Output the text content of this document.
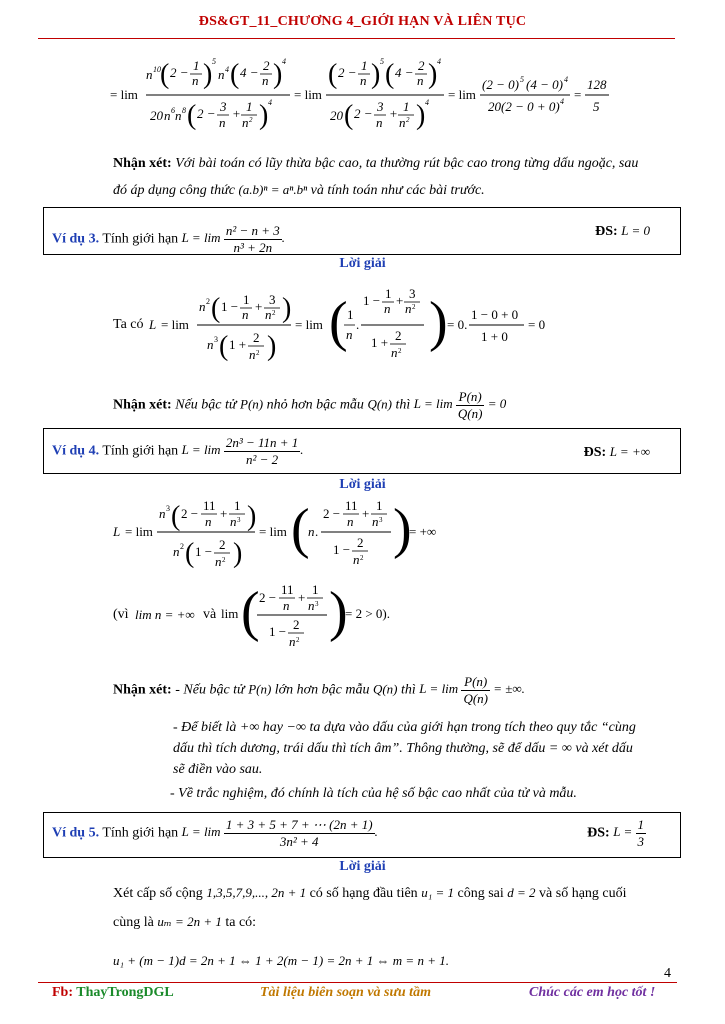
ĐS&GT_11_CHƯƠNG 4_GIỚI HẠN VÀ LIÊN TỤC
= lim
n 10 ( 2 − 1
n ) 5
n 4 ( 4 − 2
n ) 4
20 n 6 n 8 ( 2 − 3
n
+ 1
n 2 ) 4
= lim
( 2 − 1
n ) 5 ( 4 − 2
n ) 4
20 ( 2 − 3
n
+ 1
n 2 ) 4
= lim
(2 − 0) 5 (4 − 0) 4
20(2 − 0 + 0) 4 =
128
5
Nhận xét: Với bài toán có lũy thừa bậc cao, ta thường rút bậc cao trong từng dấu ngoặc, sau
đó áp dụng công thức (a.b)ⁿ = aⁿ.bⁿ và tính toán như các bài trước.
Ví dụ 3. Tính giới hạn $L = \lim \frac{\text{n² − n + 3}}{\text{n³ + 2n}}$ .	ĐS: L = 0
Lời giải
Ta có L = lim
n 2 ( 1 − 1
n
+ 3
n 2 )
n 3 ( 1 + 2
n 2 )
= lim ( 1
n
.
1 − 1
n
+ 3
n 2
1 + 2
n 2 ) = 0.
1 − 0 + 0
1 + 0
= 0
Nhận xét: Nếu bậc tử P(n) nhỏ hơn bậc mẫu Q(n) thì $L = \lim \frac{P(n)}{Q(n)} = 0$
Ví dụ 4. Tính giới hạn $L = \lim \frac{\text{2n³ − 11n + 1}}{\text{n² − 2}}$ .	ĐS: L = +∞
Lời giải
L = lim
n 3 ( 2 −
11
n
+
1
n 3 )
n 2 ( 1 − 2
n 2 )
= lim (
n .
2 −
11
n
+
1
n 3
1 − 2
n 2 )
= +∞
(vì lim n = +∞ và lim ( 2 −
11
n
+
1
n 3
1 − 2
n 2 )
= 2 > 0).
Nhận xét: - Nếu bậc tử P(n) lớn hơn bậc mẫu Q(n) thì $L = \lim \frac{P(n)}{Q(n)}$ = ±∞.
- Để biết là +∞ hay −∞ ta dựa vào dấu của giới hạn trong tích theo quy tắc “cùng
dấu thì tích dương, trái dấu thì tích âm”. Thông thường, sẽ để dấu = ∞ và xét dấu
sẽ điền vào sau.
- Về trắc nghiệm, đó chính là tích của hệ số bậc cao nhất của tử và mẫu.
Ví dụ 5. Tính giới hạn $L = \lim \frac{1 + 3 + 5 + 7 + \cdots (2n + 1)}{\text{3n² + 4}}$ .	ĐS: $L = \frac{1}{3}$
Lời giải
Xét cấp số cộng 1,3,5,7,9,..., 2n + 1 có số hạng đầu tiên u₁ = 1 công sai d = 2 và số hạng cuối
cùng là uₘ = 2n + 1 ta có:
u₁ + (m − 1)d = 2n + 1 ⇔ 1 + 2(m − 1) = 2n + 1 ⇔ m = n + 1.
4
Fb: ThayTrongDGL	Tài liệu biên soạn và sưu tầm	Chúc các em học tốt !
